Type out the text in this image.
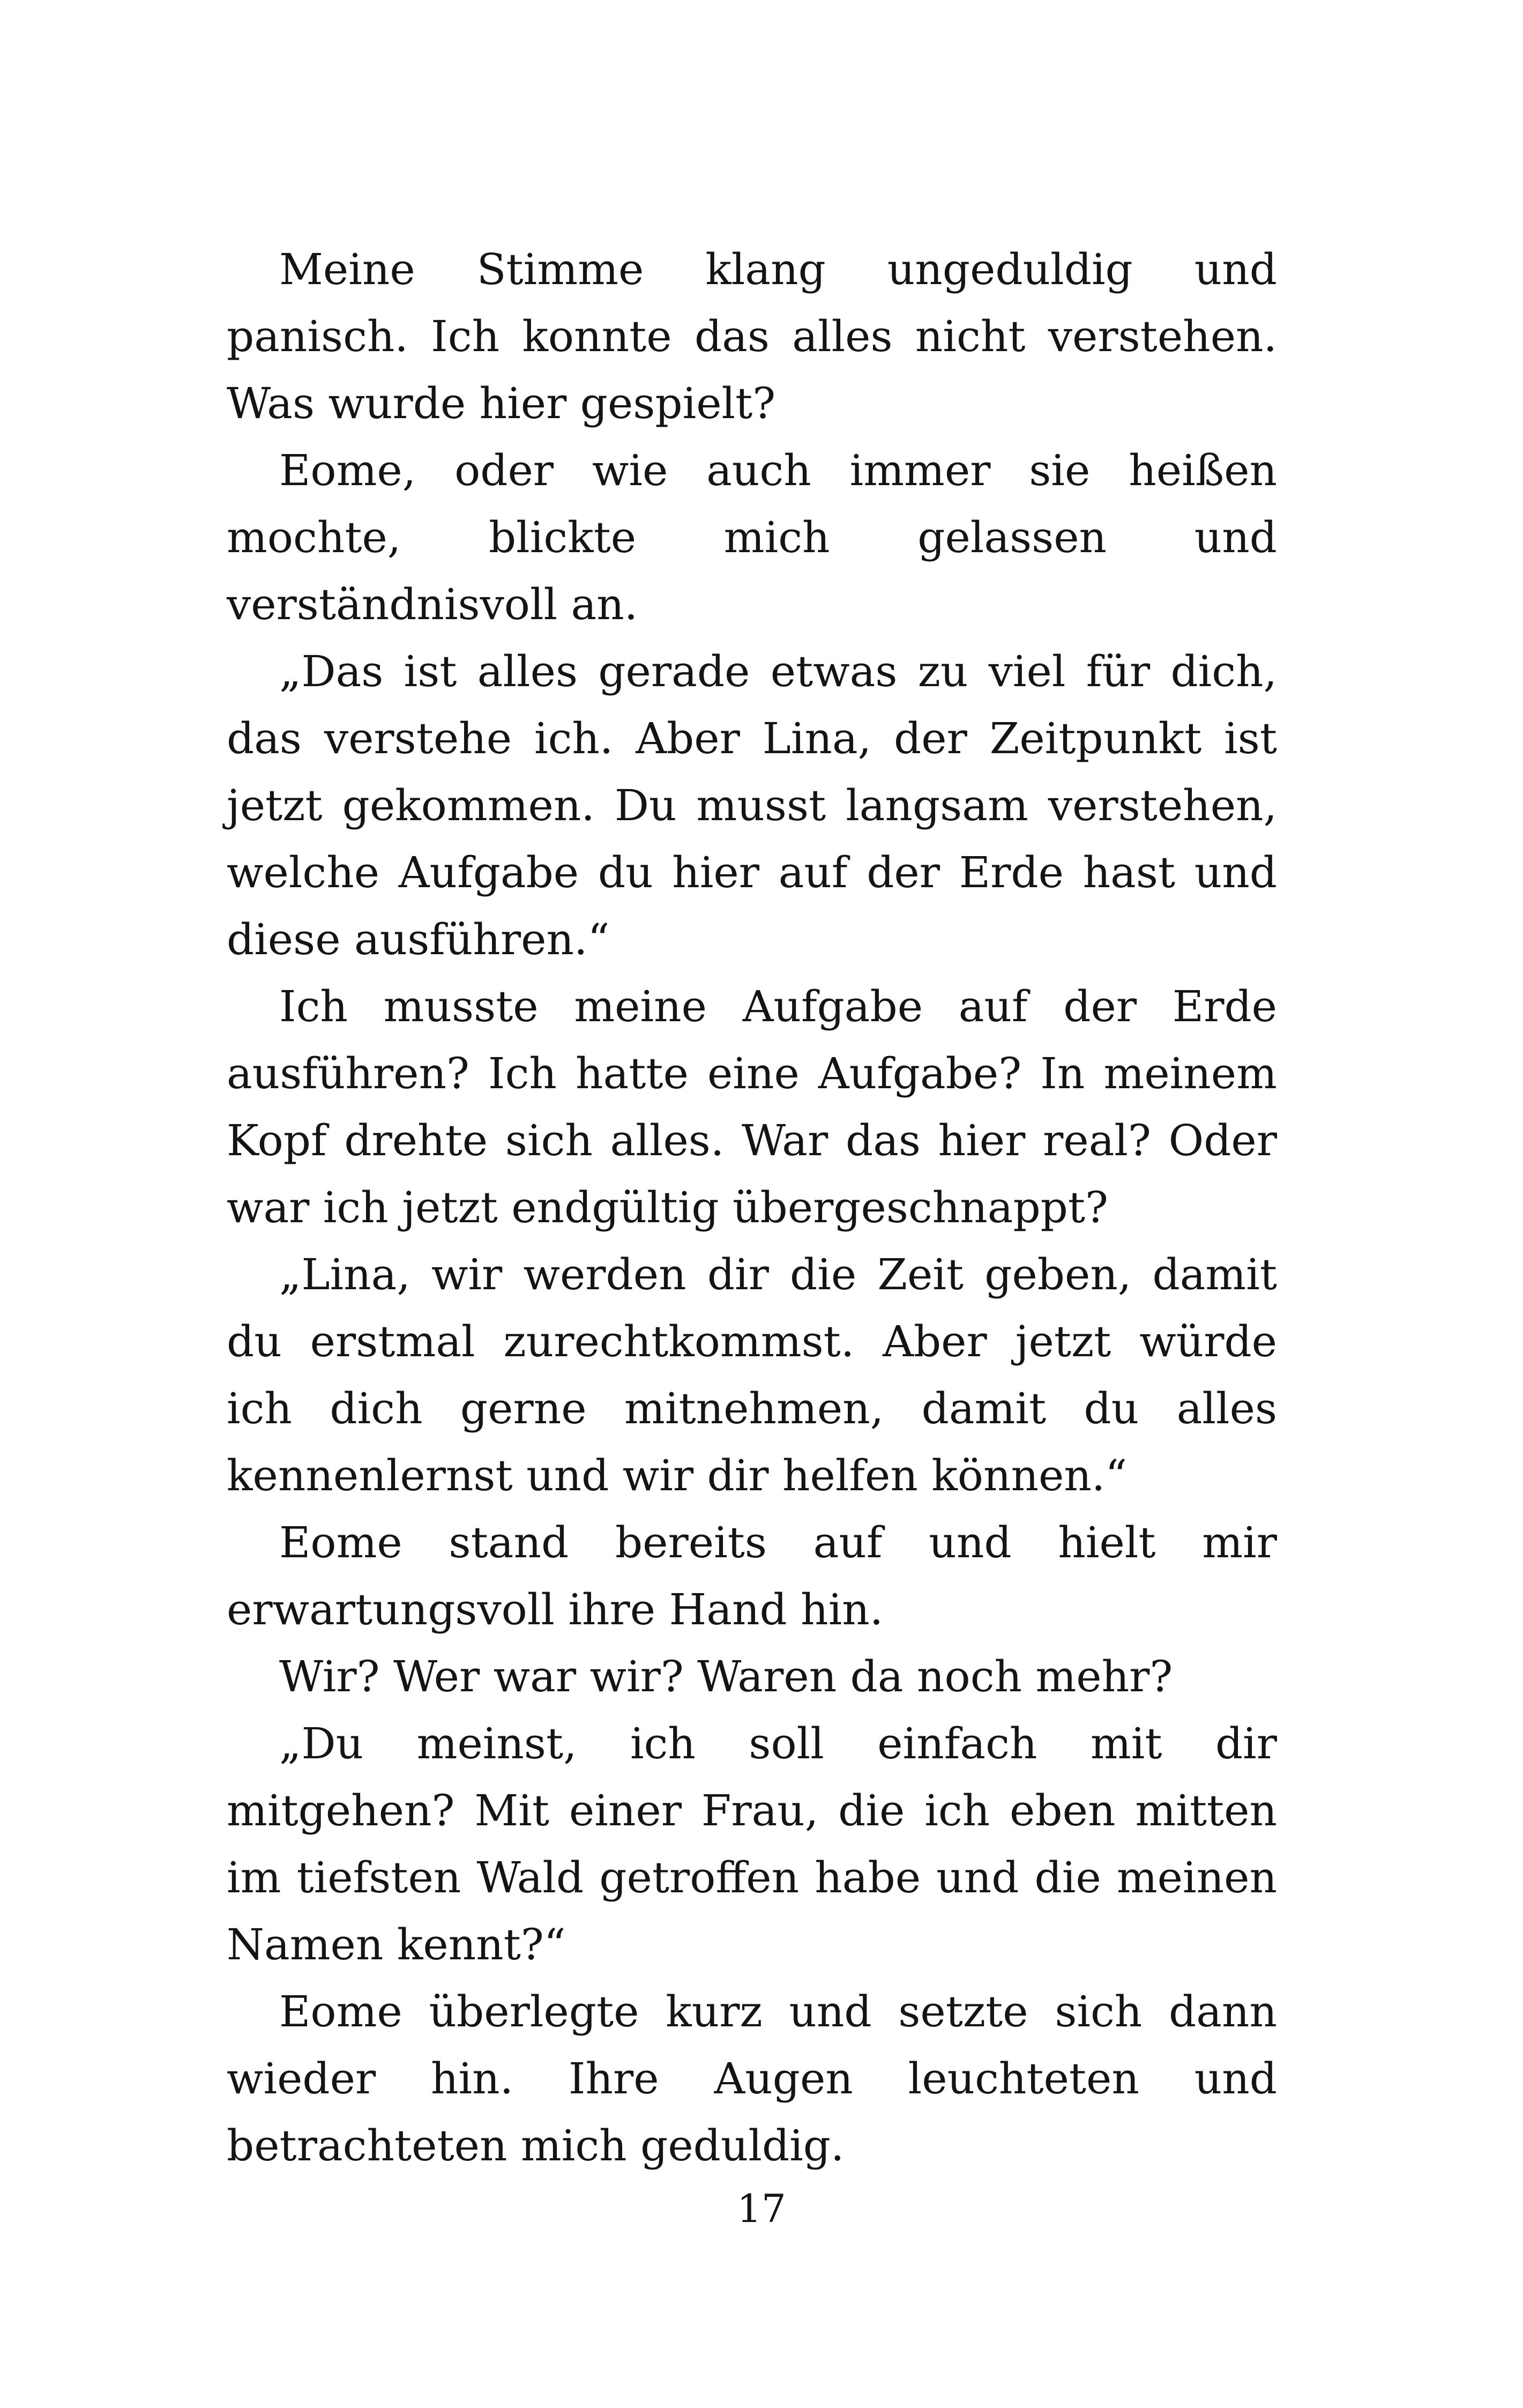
Meine Stimme klang ungeduldig und panisch. Ich konnte das alles nicht verstehen. Was wurde hier gespielt?

Eome, oder wie auch immer sie heißen mochte, blickte mich gelassen und verständnisvoll an.

„Das ist alles gerade etwas zu viel für dich, das verstehe ich. Aber Lina, der Zeitpunkt ist jetzt gekommen. Du musst langsam verstehen, welche Aufgabe du hier auf der Erde hast und diese ausführen.“

Ich musste meine Aufgabe auf der Erde ausführen? Ich hatte eine Aufgabe? In meinem Kopf drehte sich alles. War das hier real? Oder war ich jetzt endgültig übergeschnappt?

„Lina, wir werden dir die Zeit geben, damit du erstmal zurechtkommst. Aber jetzt würde ich dich gerne mitnehmen, damit du alles kennenlernst und wir dir helfen können.“

Eome stand bereits auf und hielt mir erwartungsvoll ihre Hand hin.

Wir? Wer war wir? Waren da noch mehr?

„Du meinst, ich soll einfach mit dir mitgehen? Mit einer Frau, die ich eben mitten im tiefsten Wald getroffen habe und die meinen Namen kennt?“

Eome überlegte kurz und setzte sich dann wieder hin. Ihre Augen leuchteten und betrachteten mich geduldig.

17
